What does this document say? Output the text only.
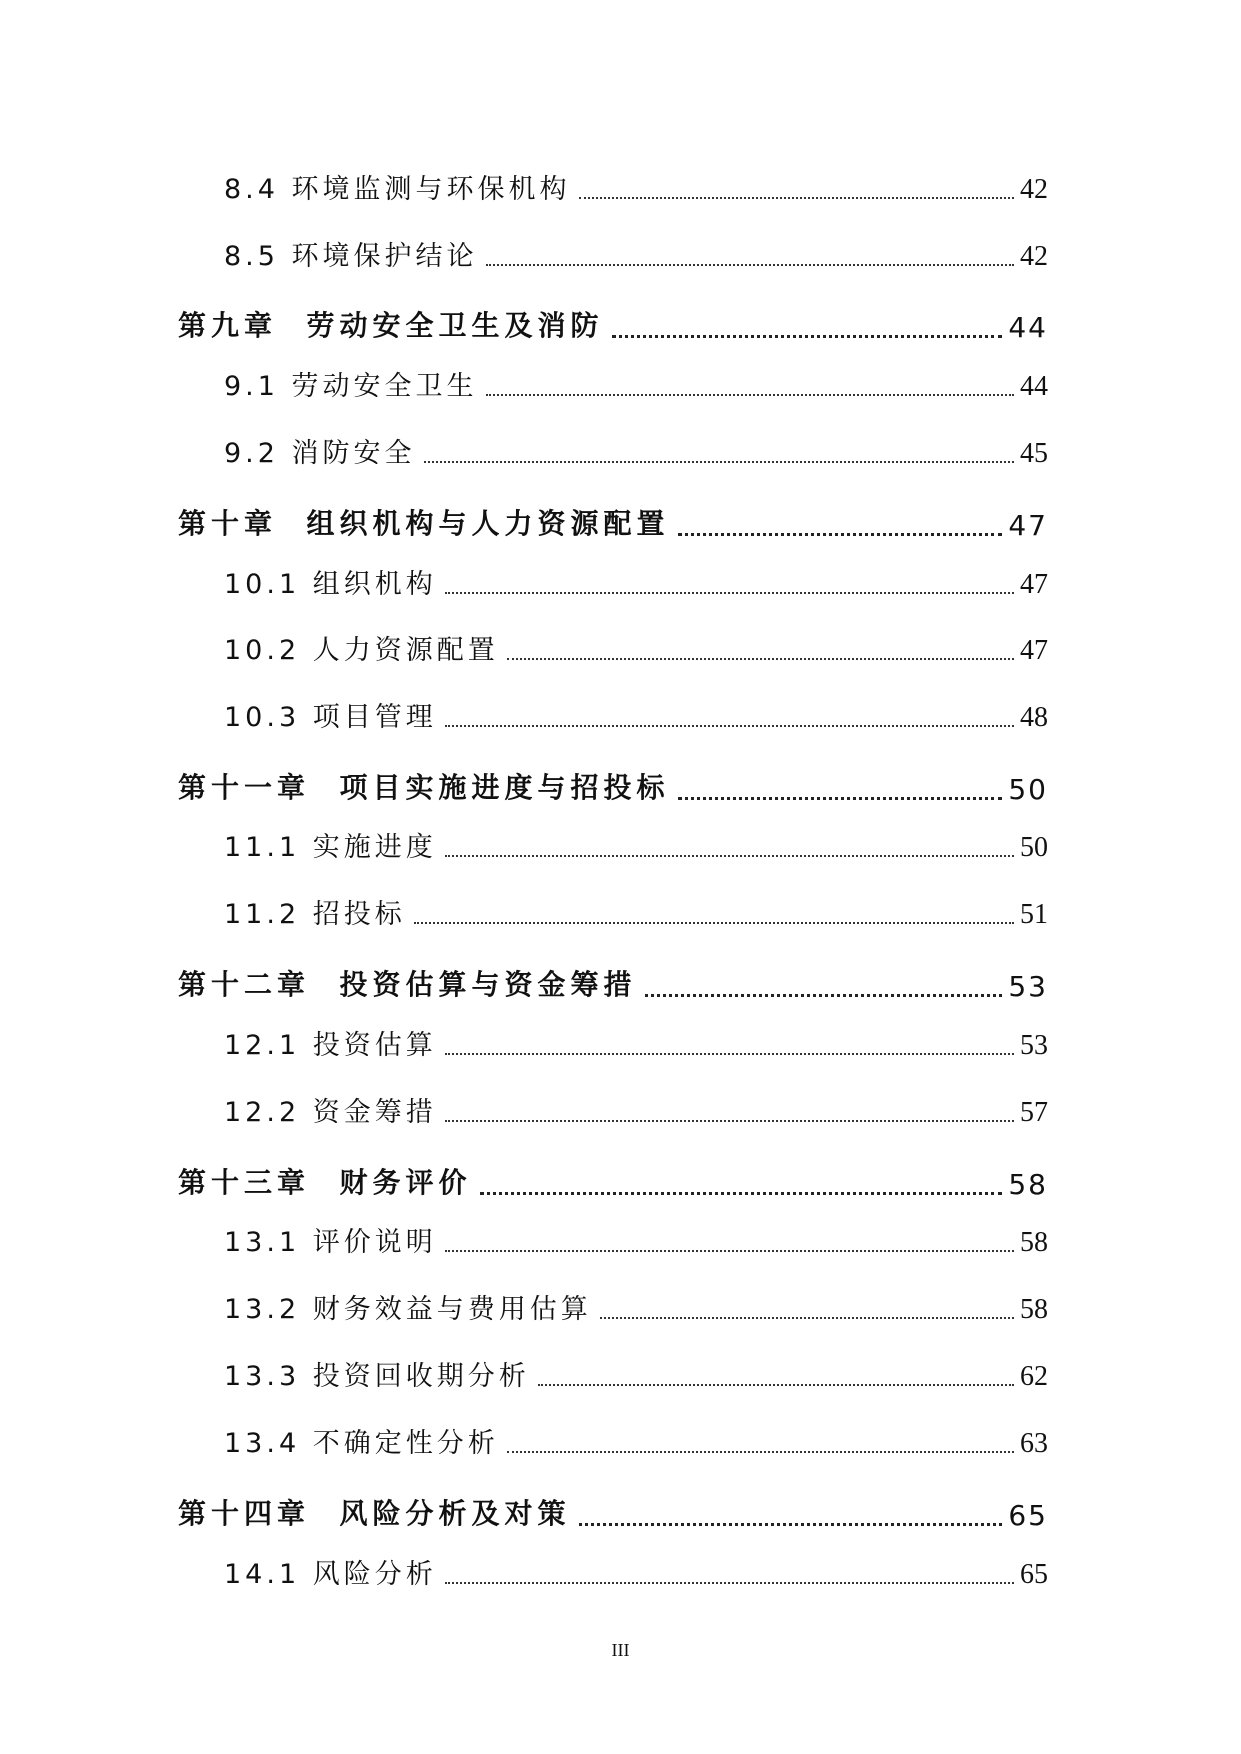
8.4 环境监测与环保机构	42
8.5 环境保护结论	42
第九章  劳动安全卫生及消防	44
9.1 劳动安全卫生	44
9.2 消防安全	45
第十章  组织机构与人力资源配置	47
10.1 组织机构	47
10.2 人力资源配置	47
10.3 项目管理	48
第十一章  项目实施进度与招投标	50
11.1 实施进度	50
11.2 招投标	51
第十二章  投资估算与资金筹措	53
12.1 投资估算	53
12.2 资金筹措	57
第十三章  财务评价	58
13.1 评价说明	58
13.2 财务效益与费用估算	58
13.3 投资回收期分析	62
13.4 不确定性分析	63
第十四章  风险分析及对策	65
14.1 风险分析	65
III
